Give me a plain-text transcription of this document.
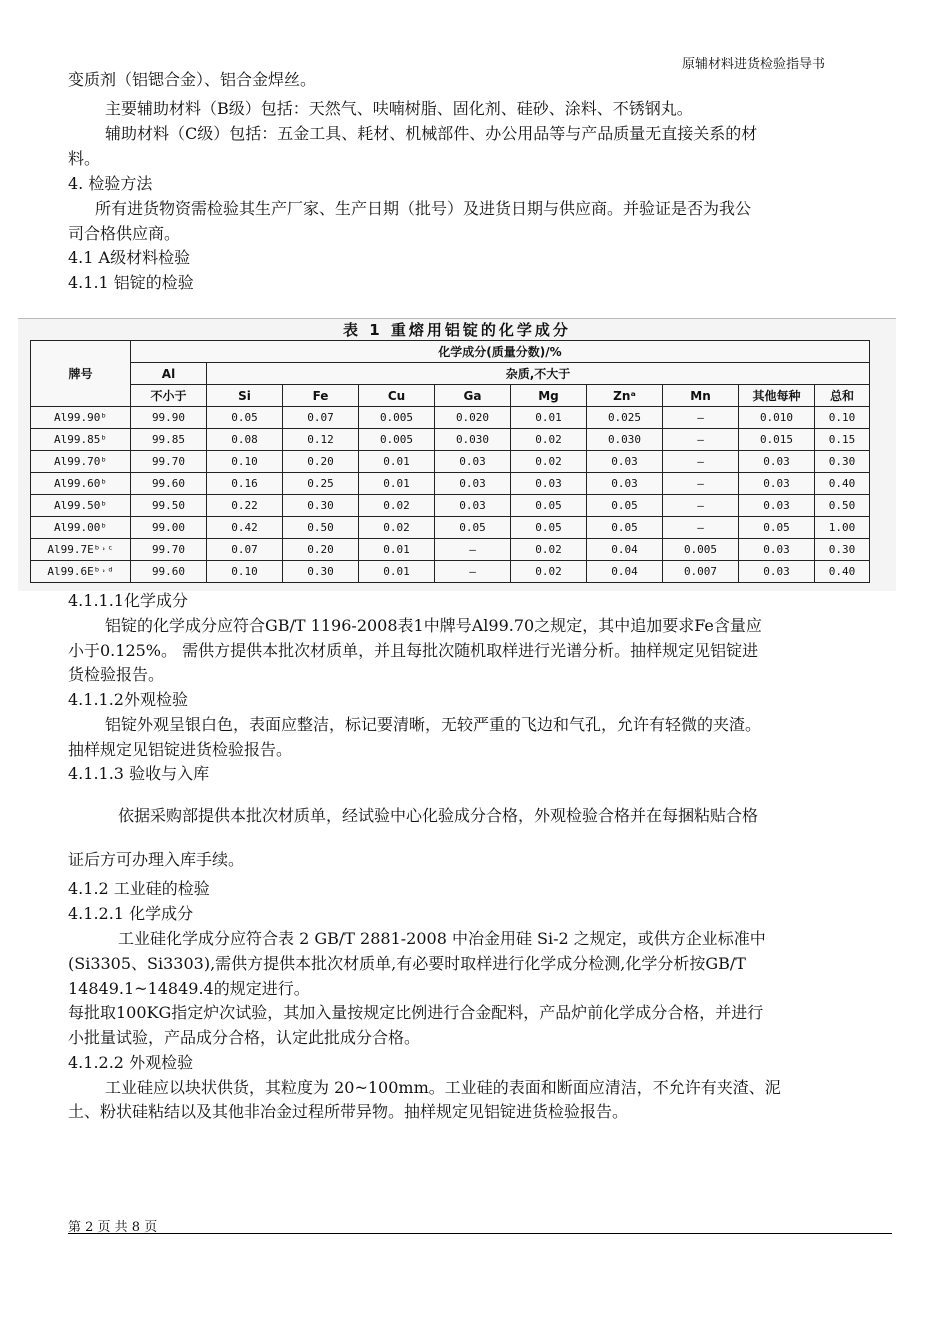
原辅材料进货检验指导书
变质剂（铝锶合金）、铝合金焊丝。
主要辅助材料（B级）包括：天然气、呋喃树脂、固化剂、硅砂、涂料、不锈钢丸。
辅助材料（C级）包括：五金工具、耗材、机械部件、办公用品等与产品质量无直接关系的材
料。
4. 检验方法
所有进货物资需检验其生产厂家、生产日期（批号）及进货日期与供应商。并验证是否为我公
司合格供应商。
4.1 A级材料检验
4.1.1 铝锭的检验
表 1 重熔用铝锭的化学成分
牌号	化学成分(质量分数)/%									
	Al	杂质,不大于								
	不小于	Si	Fe	Cu	Ga	Mg	Znᵃ	Mn	其他每种	总和
Al99.90ᵇ	99.90	0.05	0.07	0.005	0.020	0.01	0.025	—	0.010	0.10
Al99.85ᵇ	99.85	0.08	0.12	0.005	0.030	0.02	0.030	—	0.015	0.15
Al99.70ᵇ	99.70	0.10	0.20	0.01	0.03	0.02	0.03	—	0.03	0.30
Al99.60ᵇ	99.60	0.16	0.25	0.01	0.03	0.03	0.03	—	0.03	0.40
Al99.50ᵇ	99.50	0.22	0.30	0.02	0.03	0.05	0.05	—	0.03	0.50
Al99.00ᵇ	99.00	0.42	0.50	0.02	0.05	0.05	0.05	—	0.05	1.00
Al99.7Eᵇ˒ᶜ	99.70	0.07	0.20	0.01	—	0.02	0.04	0.005	0.03	0.30
Al99.6Eᵇ˒ᵈ	99.60	0.10	0.30	0.01	—	0.02	0.04	0.007	0.03	0.40
4.1.1.1化学成分
铝锭的化学成分应符合GB/T 1196-2008表1中牌号Al99.70之规定，其中追加要求Fe含量应
小于0.125%。 需供方提供本批次材质单，并且每批次随机取样进行光谱分析。抽样规定见铝锭进
货检验报告。
4.1.1.2外观检验
铝锭外观呈银白色，表面应整洁，标记要清晰，无较严重的飞边和气孔，允许有轻微的夹渣。
抽样规定见铝锭进货检验报告。
4.1.1.3 验收与入库
依据采购部提供本批次材质单，经试验中心化验成分合格，外观检验合格并在每捆粘贴合格
证后方可办理入库手续。
4.1.2 工业硅的检验
4.1.2.1 化学成分
工业硅化学成分应符合表 2 GB/T 2881-2008 中冶金用硅 Si-2 之规定，或供方企业标准中
(Si3305、Si3303),需供方提供本批次材质单,有必要时取样进行化学成分检测,化学分析按GB/T
14849.1~14849.4的规定进行。
每批取100KG指定炉次试验，其加入量按规定比例进行合金配料，产品炉前化学成分合格，并进行
小批量试验，产品成分合格，认定此批成分合格。
4.1.2.2 外观检验
工业硅应以块状供货，其粒度为 20~100mm。工业硅的表面和断面应清洁，不允许有夹渣、泥
土、粉状硅粘结以及其他非冶金过程所带异物。抽样规定见铝锭进货检验报告。
第 2 页 共 8 页
